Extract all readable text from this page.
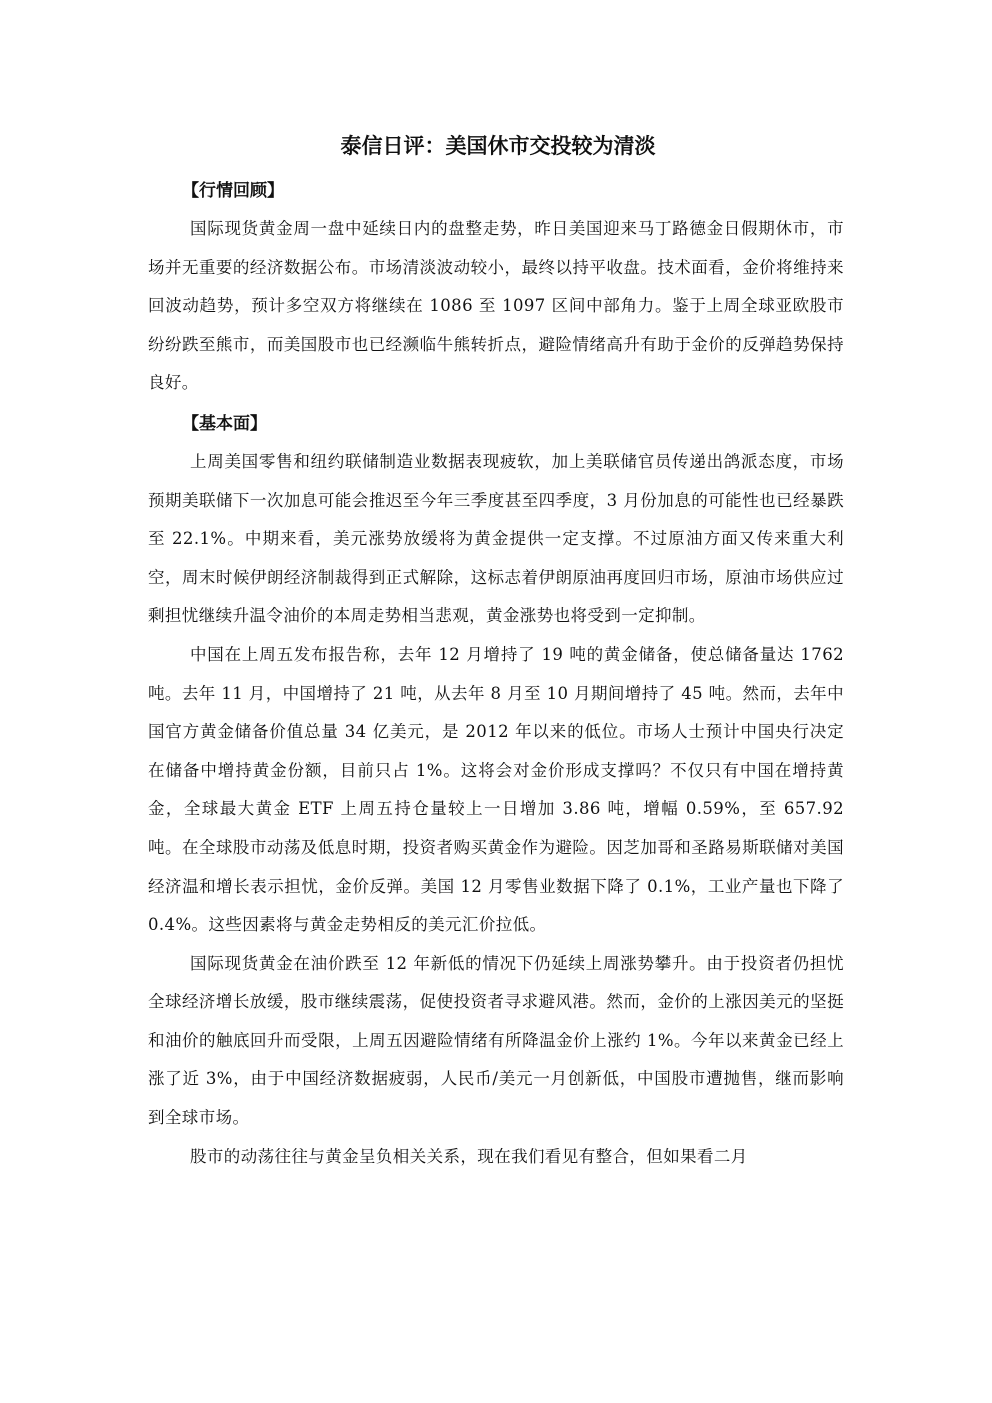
泰信日评：美国休市交投较为清淡
【行情回顾】

国际现货黄金周一盘中延续日内的盘整走势，昨日美国迎来马丁路德金日假期休市，市场并无重要的经济数据公布。市场清淡波动较小，最终以持平收盘。技术面看，金价将维持来回波动趋势，预计多空双方将继续在 1086 至 1097 区间中部角力。鉴于上周全球亚欧股市纷纷跌至熊市，而美国股市也已经濒临牛熊转折点，避险情绪高升有助于金价的反弹趋势保持良好。

【基本面】

上周美国零售和纽约联储制造业数据表现疲软，加上美联储官员传递出鸽派态度，市场预期美联储下一次加息可能会推迟至今年三季度甚至四季度，3 月份加息的可能性也已经暴跌至 22.1%。中期来看，美元涨势放缓将为黄金提供一定支撑。不过原油方面又传来重大利空，周末时候伊朗经济制裁得到正式解除，这标志着伊朗原油再度回归市场，原油市场供应过剩担忧继续升温令油价的本周走势相当悲观，黄金涨势也将受到一定抑制。

中国在上周五发布报告称，去年 12 月增持了 19 吨的黄金储备，使总储备量达 1762 吨。去年 11 月，中国增持了 21 吨，从去年 8 月至 10 月期间增持了 45 吨。然而，去年中国官方黄金储备价值总量 34 亿美元，是 2012 年以来的低位。市场人士预计中国央行决定在储备中增持黄金份额，目前只占 1%。这将会对金价形成支撑吗？不仅只有中国在增持黄金，全球最大黄金 ETF 上周五持仓量较上一日增加 3.86 吨，增幅 0.59%，至 657.92 吨。在全球股市动荡及低息时期，投资者购买黄金作为避险。因芝加哥和圣路易斯联储对美国经济温和增长表示担忧，金价反弹。美国 12 月零售业数据下降了 0.1%，工业产量也下降了 0.4%。这些因素将与黄金走势相反的美元汇价拉低。

国际现货黄金在油价跌至 12 年新低的情况下仍延续上周涨势攀升。由于投资者仍担忧全球经济增长放缓，股市继续震荡，促使投资者寻求避风港。然而，金价的上涨因美元的坚挺和油价的触底回升而受限，上周五因避险情绪有所降温金价上涨约 1%。今年以来黄金已经上涨了近 3%，由于中国经济数据疲弱，人民币/美元一月创新低，中国股市遭抛售，继而影响到全球市场。

股市的动荡往往与黄金呈负相关关系，现在我们看见有整合，但如果看二月
